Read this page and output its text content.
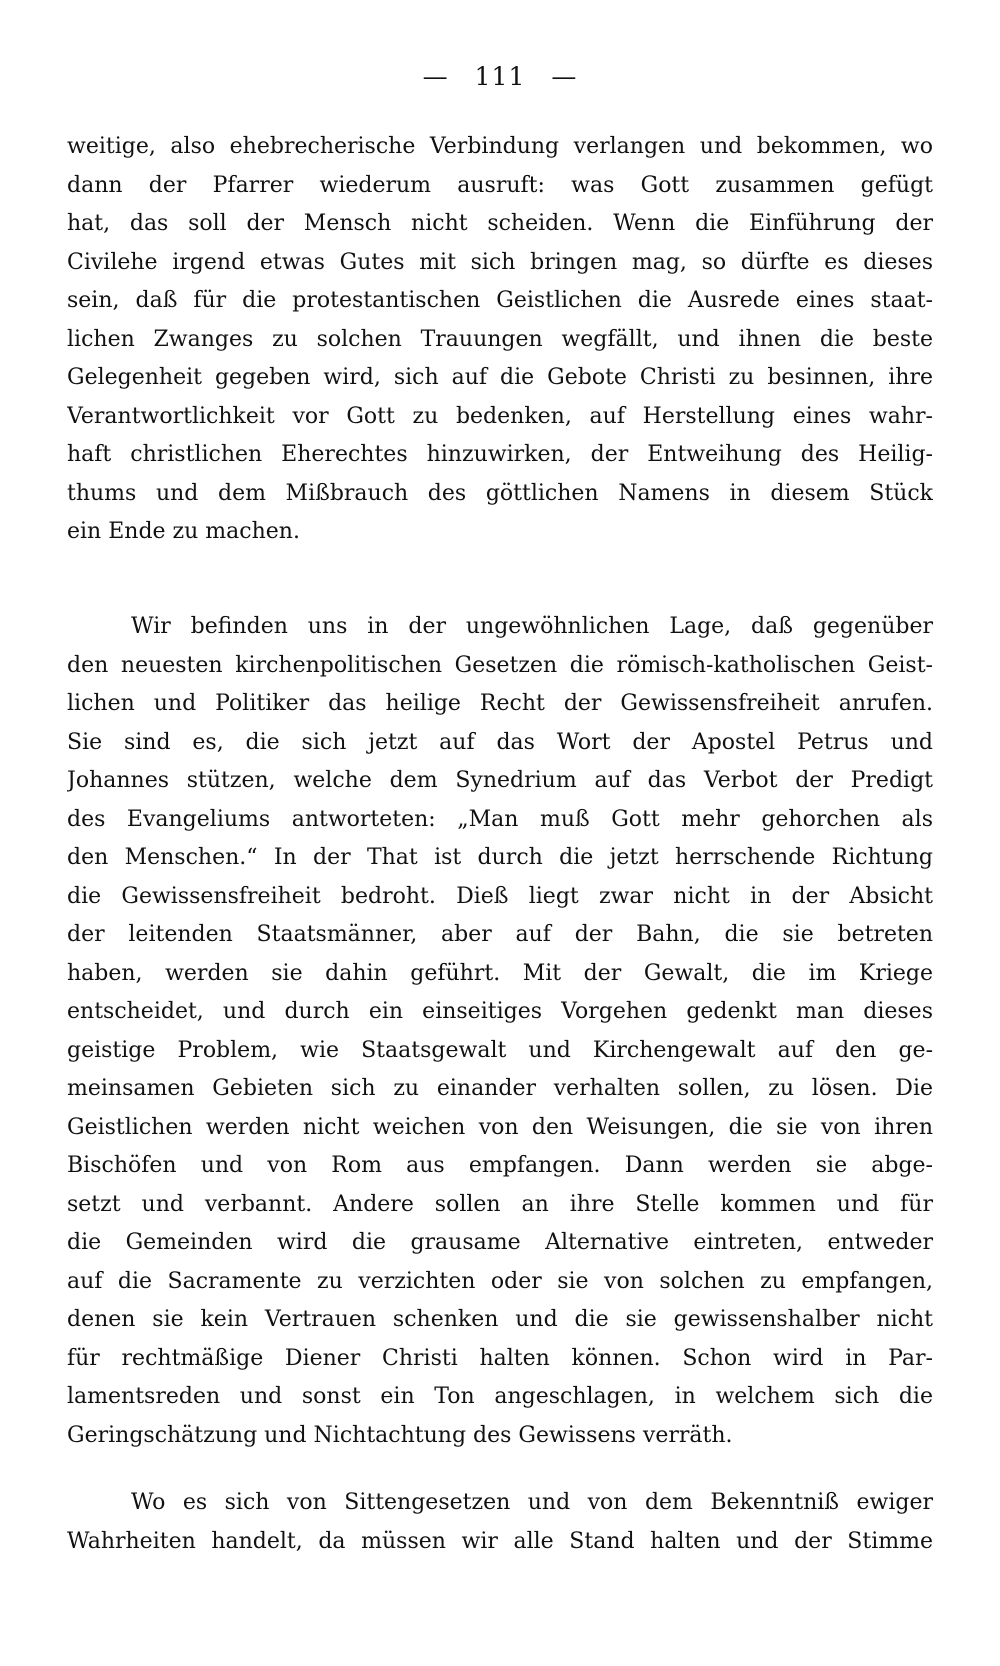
— 111 —
weitige, also ehebrecherische Verbindung verlangen und bekommen, wo
dann der Pfarrer wiederum ausruft: was Gott zusammen gefügt
hat, das soll der Mensch nicht scheiden. Wenn die Einführung der
Civilehe irgend etwas Gutes mit sich bringen mag, so dürfte es dieses
sein, daß für die protestantischen Geistlichen die Ausrede eines staat-
lichen Zwanges zu solchen Trauungen wegfällt, und ihnen die beste
Gelegenheit gegeben wird, sich auf die Gebote Christi zu besinnen, ihre
Verantwortlichkeit vor Gott zu bedenken, auf Herstellung eines wahr-
haft christlichen Eherechtes hinzuwirken, der Entweihung des Heilig-
thums und dem Mißbrauch des göttlichen Namens in diesem Stück
ein Ende zu machen.
Wir befinden uns in der ungewöhnlichen Lage, daß gegenüber
den neuesten kirchenpolitischen Gesetzen die römisch-katholischen Geist-
lichen und Politiker das heilige Recht der Gewissensfreiheit anrufen.
Sie sind es, die sich jetzt auf das Wort der Apostel Petrus und
Johannes stützen, welche dem Synedrium auf das Verbot der Predigt
des Evangeliums antworteten: „Man muß Gott mehr gehorchen als
den Menschen.“ In der That ist durch die jetzt herrschende Richtung
die Gewissensfreiheit bedroht. Dieß liegt zwar nicht in der Absicht
der leitenden Staatsmänner, aber auf der Bahn, die sie betreten
haben, werden sie dahin geführt. Mit der Gewalt, die im Kriege
entscheidet, und durch ein einseitiges Vorgehen gedenkt man dieses
geistige Problem, wie Staatsgewalt und Kirchengewalt auf den ge-
meinsamen Gebieten sich zu einander verhalten sollen, zu lösen. Die
Geistlichen werden nicht weichen von den Weisungen, die sie von ihren
Bischöfen und von Rom aus empfangen. Dann werden sie abge-
setzt und verbannt. Andere sollen an ihre Stelle kommen und für
die Gemeinden wird die grausame Alternative eintreten, entweder
auf die Sacramente zu verzichten oder sie von solchen zu empfangen,
denen sie kein Vertrauen schenken und die sie gewissenshalber nicht
für rechtmäßige Diener Christi halten können. Schon wird in Par-
lamentsreden und sonst ein Ton angeschlagen, in welchem sich die
Geringschätzung und Nichtachtung des Gewissens verräth.
Wo es sich von Sittengesetzen und von dem Bekenntniß ewiger
Wahrheiten handelt, da müssen wir alle Stand halten und der Stimme
